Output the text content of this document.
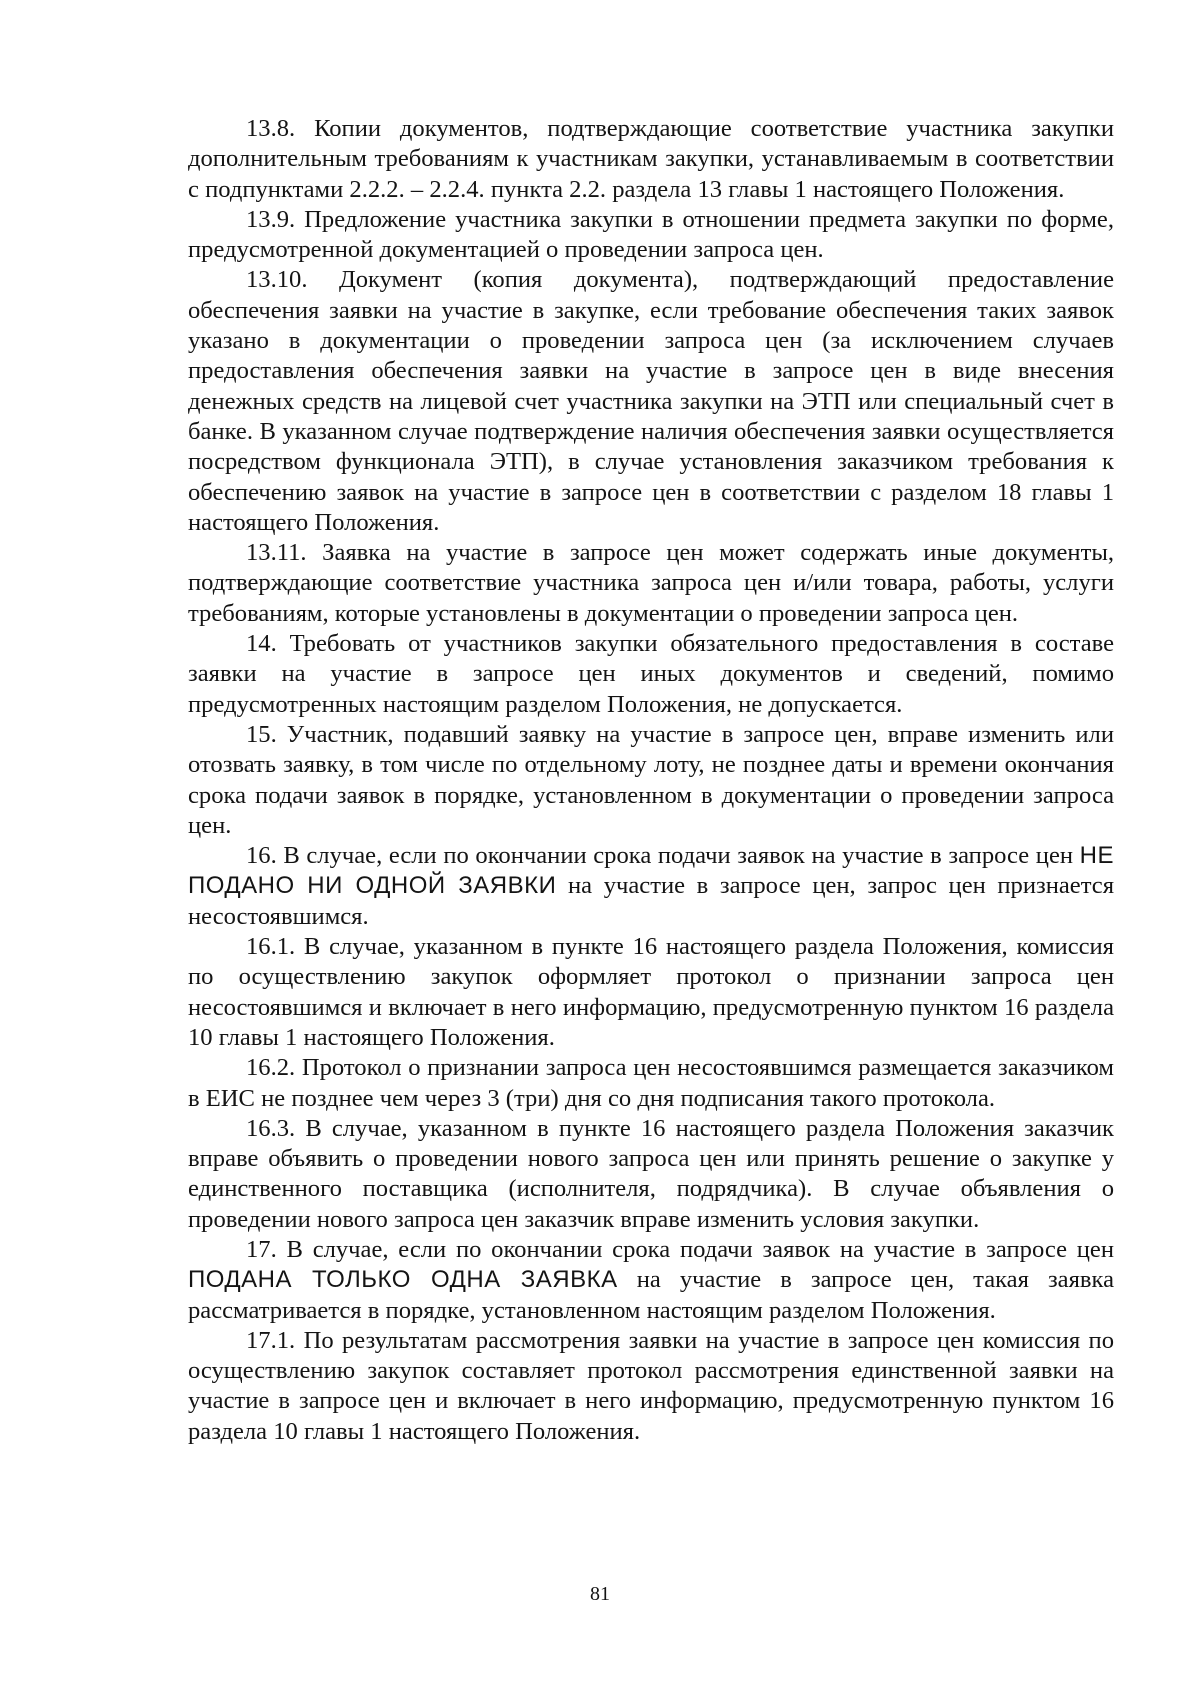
13.8. Копии документов, подтверждающие соответствие участника закупки дополнительным требованиям к участникам закупки, устанавливаемым в соответствии с подпунктами 2.2.2. – 2.2.4. пункта 2.2. раздела 13 главы 1 настоящего Положения.

13.9. Предложение участника закупки в отношении предмета закупки по форме, предусмотренной документацией о проведении запроса цен.

13.10. Документ (копия документа), подтверждающий предоставление обеспечения заявки на участие в закупке, если требование обеспечения таких заявок указано в документации о проведении запроса цен (за исключением случаев предоставления обеспечения заявки на участие в запросе цен в виде внесения денежных средств на лицевой счет участника закупки на ЭТП или специальный счет в банке. В указанном случае подтверждение наличия обеспечения заявки осуществляется посредством функционала ЭТП), в случае установления заказчиком требования к обеспечению заявок на участие в запросе цен в соответствии с разделом 18 главы 1 настоящего Положения.

13.11. Заявка на участие в запросе цен может содержать иные документы, подтверждающие соответствие участника запроса цен и/или товара, работы, услуги требованиям, которые установлены в документации о проведении запроса цен.

14. Требовать от участников закупки обязательного предоставления в составе заявки на участие в запросе цен иных документов и сведений, помимо предусмотренных настоящим разделом Положения, не допускается.

15. Участник, подавший заявку на участие в запросе цен, вправе изменить или отозвать заявку, в том числе по отдельному лоту, не позднее даты и времени окончания срока подачи заявок в порядке, установленном в документации о проведении запроса цен.

16. В случае, если по окончании срока подачи заявок на участие в запросе цен НЕ ПОДАНО НИ ОДНОЙ ЗАЯВКИ на участие в запросе цен, запрос цен признается несостоявшимся.

16.1. В случае, указанном в пункте 16 настоящего раздела Положения, комиссия по осуществлению закупок оформляет протокол о признании запроса цен несостоявшимся и включает в него информацию, предусмотренную пунктом 16 раздела 10 главы 1 настоящего Положения.

16.2. Протокол о признании запроса цен несостоявшимся размещается заказчиком в ЕИС не позднее чем через 3 (три) дня со дня подписания такого протокола.

16.3. В случае, указанном в пункте 16 настоящего раздела Положения заказчик вправе объявить о проведении нового запроса цен или принять решение о закупке у единственного поставщика (исполнителя, подрядчика). В случае объявления о проведении нового запроса цен заказчик вправе изменить условия закупки.

17. В случае, если по окончании срока подачи заявок на участие в запросе цен ПОДАНА ТОЛЬКО ОДНА ЗАЯВКА на участие в запросе цен, такая заявка рассматривается в порядке, установленном настоящим разделом Положения.

17.1. По результатам рассмотрения заявки на участие в запросе цен комиссия по осуществлению закупок составляет протокол рассмотрения единственной заявки на участие в запросе цен и включает в него информацию, предусмотренную пунктом 16 раздела 10 главы 1 настоящего Положения.

81
